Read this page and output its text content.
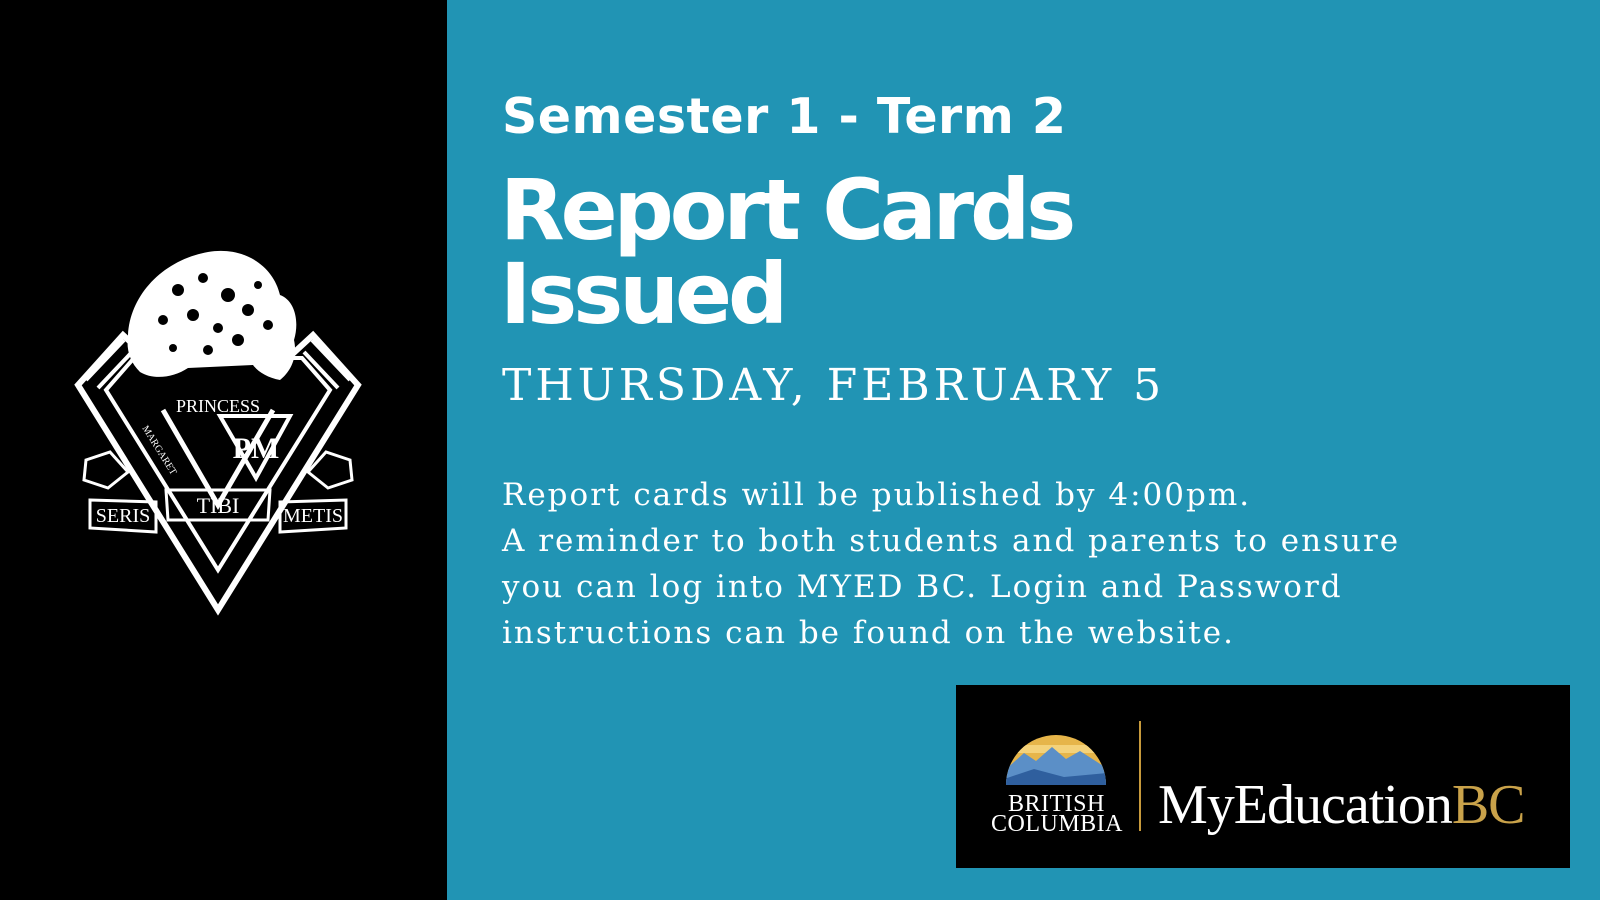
PRINCESS
PM
SERIS TIBI METIS
MARGARET
Semester 1 - Term 2
Report Cards
Issued

THURSDAY, FEBRUARY 5

Report cards will be published by 4:00pm.
A reminder to both students and parents to ensure
you can log into MYED BC. Login and Password
instructions can be found on the website.

BRITISH
COLUMBIA MyEducationBC
